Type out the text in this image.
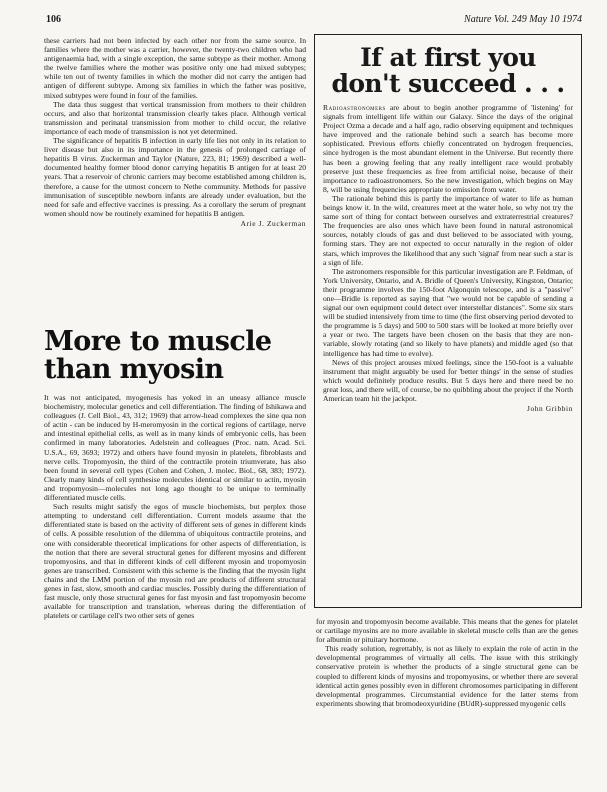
106	Nature Vol. 249 May 10 1974

these carriers had not been infected by each other nor from the same source. In families where the mother was a carrier, however, the twenty-two children who had antigenaemia had, with a single exception, the same subtype as their mother. Among the twelve families where the mother was positive only one had mixed subtypes; while ten out of twenty families in which the mother did not carry the antigen had antigen of different subtype. Among six families in which the father was positive, mixed subtypes were found in four of the families.

The data thus suggest that vertical transmission from mothers to their children occurs, and also that horizontal transmission clearly takes place. Although vertical transmission and perinatal transmission from mother to child occur, the relative importance of each mode of transmission is not yet determined.

The significance of hepatitis B infection in early life lies not only in its relation to liver disease but also in its importance in the genesis of prolonged carriage of hepatitis B virus. Zuckerman and Taylor (Nature, 223, 81; 1969) described a well-documented healthy former blood donor carrying hepatitis B antigen for at least 20 years. That a reservoir of chronic carriers may become established among children is, therefore, a cause for the utmost concern to Nethe community. Methods for passive immunisation of susceptible newborn infants are already under evaluation, but the need for safe and effective vaccines is pressing. As a corollary the serum of pregnant women should now be routinely examined for hepatitis B antigen.

Arie J. Zuckerman
More to muscle than myosin

It was not anticipated, myogenesis has yoked in an uneasy alliance muscle biochemistry, molecular genetics and cell differentiation. The finding of Ishikawa and colleagues (J. Cell Biol., 43, 312; 1969) that arrow-head complexes the sine qua non of actin - can be induced by H-meromyosin in the cortical regions of cartilage, nerve and intestinal epithelial cells, as well as in many kinds of embryonic cells, has been confirmed in many laboratories. Adelstein and colleagues (Proc. natn. Acad. Sci. U.S.A., 69, 3693; 1972) and others have found myosin in platelets, fibroblasts and nerve cells. Tropomyosin, the third of the contractile protein triumverate, has also been found in several cell types (Cohen and Cohen, J. molec. Biol., 68, 383; 1972). Clearly many kinds of cell synthesise molecules identical or similar to actin, myosin and tropomyosin—molecules not long ago thought to be unique to terminally differentiated muscle cells.

Such results might satisfy the egos of muscle biochemists, but perplex those attempting to understand cell differentiation. Current models assume that the differentiated state is based on the activity of different sets of genes in different kinds of cells. A possible resolution of the dilemma of ubiquitous contractile proteins, and one with considerable theoretical implications for other aspects of differentiation, is the notion that there are several structural genes for different myosins and different tropomyosins, and that in different kinds of cell different myosin and tropomyosin genes are transcribed. Consistent with this scheme is the finding that the myosin light chains and the LMM portion of the myosin rod are products of different structural genes in fast, slow, smooth and cardiac muscles. Possibly during the differentiation of fast muscle, only those structural genes for fast myosin and fast tropomyosin become available for transcription and translation, whereas during the differentiation of platelets or cartilage cell's two other sets of genes

If at first you don't succeed . . .

Radioastronomers are about to begin another programme of 'listening' for signals from intelligent life within our Galaxy. Since the days of the original Project Ozma a decade and a half ago, radio observing equipment and techniques have improved and the rationale behind such a search has become more sophisticated. Previous efforts chiefly concentrated on hydrogen frequencies, since hydrogen is the most abundant element in the Universe. But recently there has been a growing feeling that any really intelligent race would probably preserve just these frequencies as free from artificial noise, because of their importance to radioastronomers. So the new investigation, which begins on May 8, will be using frequencies appropriate to emission from water.

The rationale behind this is partly the importance of water to life as human beings know it. In the wild, creatures meet at the water hole, so why not try the same sort of thing for contact between ourselves and extraterrestrial creatures? The frequencies are also ones which have been found in natural astronomical sources, notably clouds of gas and dust believed to be associated with young, forming stars. They are not expected to occur naturally in the region of older stars, which improves the likelihood that any such 'signal' from near such a star is a sign of life.

The astronomers responsible for this particular investigation are P. Feldman, of York University, Ontario, and A. Bridle of Queen's University, Kingston, Ontario; their programme involves the 150-foot Algonquin telescope, and is a "passive" one—Bridle is reported as saying that "we would not be capable of sending a signal our own equipment could detect over interstellar distances". Some six stars will be studied intensively from time to time (the first observing period devoted to the programme is 5 days) and 500 to 500 stars will be looked at more briefly over a year or two. The targets have been chosen on the basis that they are non-variable, slowly rotating (and so likely to have planets) and middle aged (so that intelligence has had time to evolve).

News of this project arouses mixed feelings, since the 150-foot is a valuable instrument that might arguably be used for 'better things' in the sense of studies which would definitely produce results. But 5 days here and there need be no great loss, and there will, of course, be no quibbling about the project if the North American team hit the jackpot.

John Gribbin

for myosin and tropomyosin become available. This means that the genes for platelet or cartilage myosins are no more available in skeletal muscle cells than are the genes for albumin or pituitary hormone.

This ready solution, regrettably, is not as likely to explain the role of actin in the developmental programmes of virtually all cells. The issue with this strikingly conservative protein is whether the products of a single structural gene can be coupled to different kinds of myosins and tropomyosins, or whether there are several identical actin genes possibly even in different chromosomes participating in different developmental programmes. Circumstantial evidence for the latter stems from experiments showing that bromodeoxyuridine (BUdR)-suppressed myogenic cells
